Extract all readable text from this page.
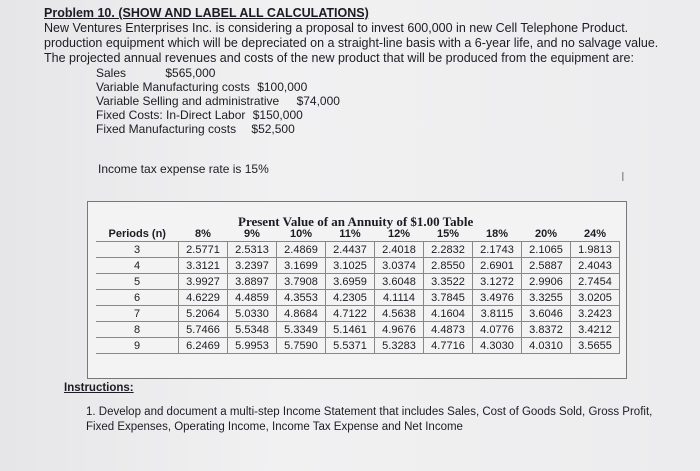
Problem 10. (SHOW AND LABEL ALL CALCULATIONS)

New Ventures Enterprises Inc. is considering a proposal to invest 600,000 in new Cell Telephone Product.

production equipment which will be depreciated on a straight-line basis with a 6-year life, and no salvage value.

The projected annual revenues and costs of the new product that will be produced from the equipment are:

Sales	$565,000
Variable Manufacturing costs $100,000
Variable Selling and administrative $74,000
Fixed Costs: In-Direct Labor $150,000
Fixed Manufacturing costs $52,500
Income tax expense rate is 15%	I
Present Value of an Annuity of $1.00 Table
Periods (n)	8%	9%	10%	11%	12%	15%	18%	20%	24%
3	2.5771	2.5313	2.4869	2.4437	2.4018	2.2832	2.1743	2.1065	1.9813
4	3.3121	3.2397	3.1699	3.1025	3.0374	2.8550	2.6901	2.5887	2.4043
5	3.9927	3.8897	3.7908	3.6959	3.6048	3.3522	3.1272	2.9906	2.7454
6	4.6229	4.4859	4.3553	4.2305	4.1114	3.7845	3.4976	3.3255	3.0205
7	5.2064	5.0330	4.8684	4.7122	4.5638	4.1604	3.8115	3.6046	3.2423
8	5.7466	5.5348	5.3349	5.1461	4.9676	4.4873	4.0776	3.8372	3.4212
9	6.2469	5.9953	5.7590	5.5371	5.3283	4.7716	4.3030	4.0310	3.5655
Instructions:
1. Develop and document a multi-step Income Statement that includes Sales, Cost of Goods Sold, Gross Profit,
Fixed Expenses, Operating Income, Income Tax Expense and Net Income
